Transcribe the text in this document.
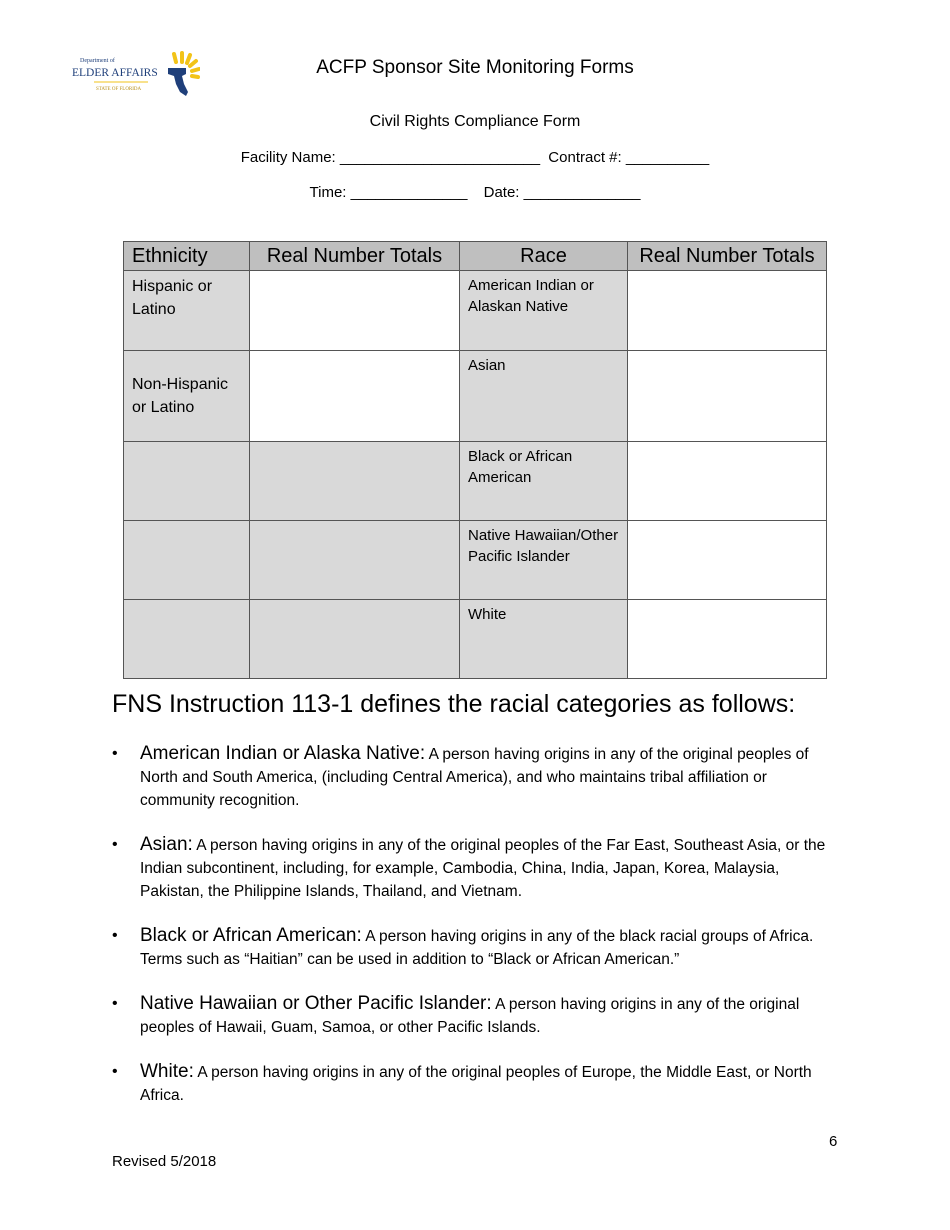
Department of
ELDER AFFAIRS
STATE OF FLORIDA
ACFP Sponsor Site Monitoring Forms
Civil Rights Compliance Form
Facility Name: ________________________ Contract #: __________
Time: ______________ Date: ______________
Ethnicity	Real Number Totals	Race	Real Number Totals

Hispanic or Latino		American Indian or Alaskan Native	

Non-Hispanic or Latino		Asian	

		Black or African American	

		Native Hawaiian/Other Pacific Islander	

		White	

FNS Instruction 113-1 defines the racial categories as follows:
• American Indian or Alaska Native: A person having origins in any of the original peoples of North and South America, (including Central America), and who maintains tribal affiliation or community recognition.
• Asian: A person having origins in any of the original peoples of the Far East, Southeast Asia, or the Indian subcontinent, including, for example, Cambodia, China, India, Japan, Korea, Malaysia, Pakistan, the Philippine Islands, Thailand, and Vietnam.
• Black or African American: A person having origins in any of the black racial groups of Africa. Terms such as “Haitian” can be used in addition to “Black or African American.”
• Native Hawaiian or Other Pacific Islander: A person having origins in any of the original peoples of Hawaii, Guam, Samoa, or other Pacific Islands.
• White: A person having origins in any of the original peoples of Europe, the Middle East, or North Africa.
6
Revised 5/2018
